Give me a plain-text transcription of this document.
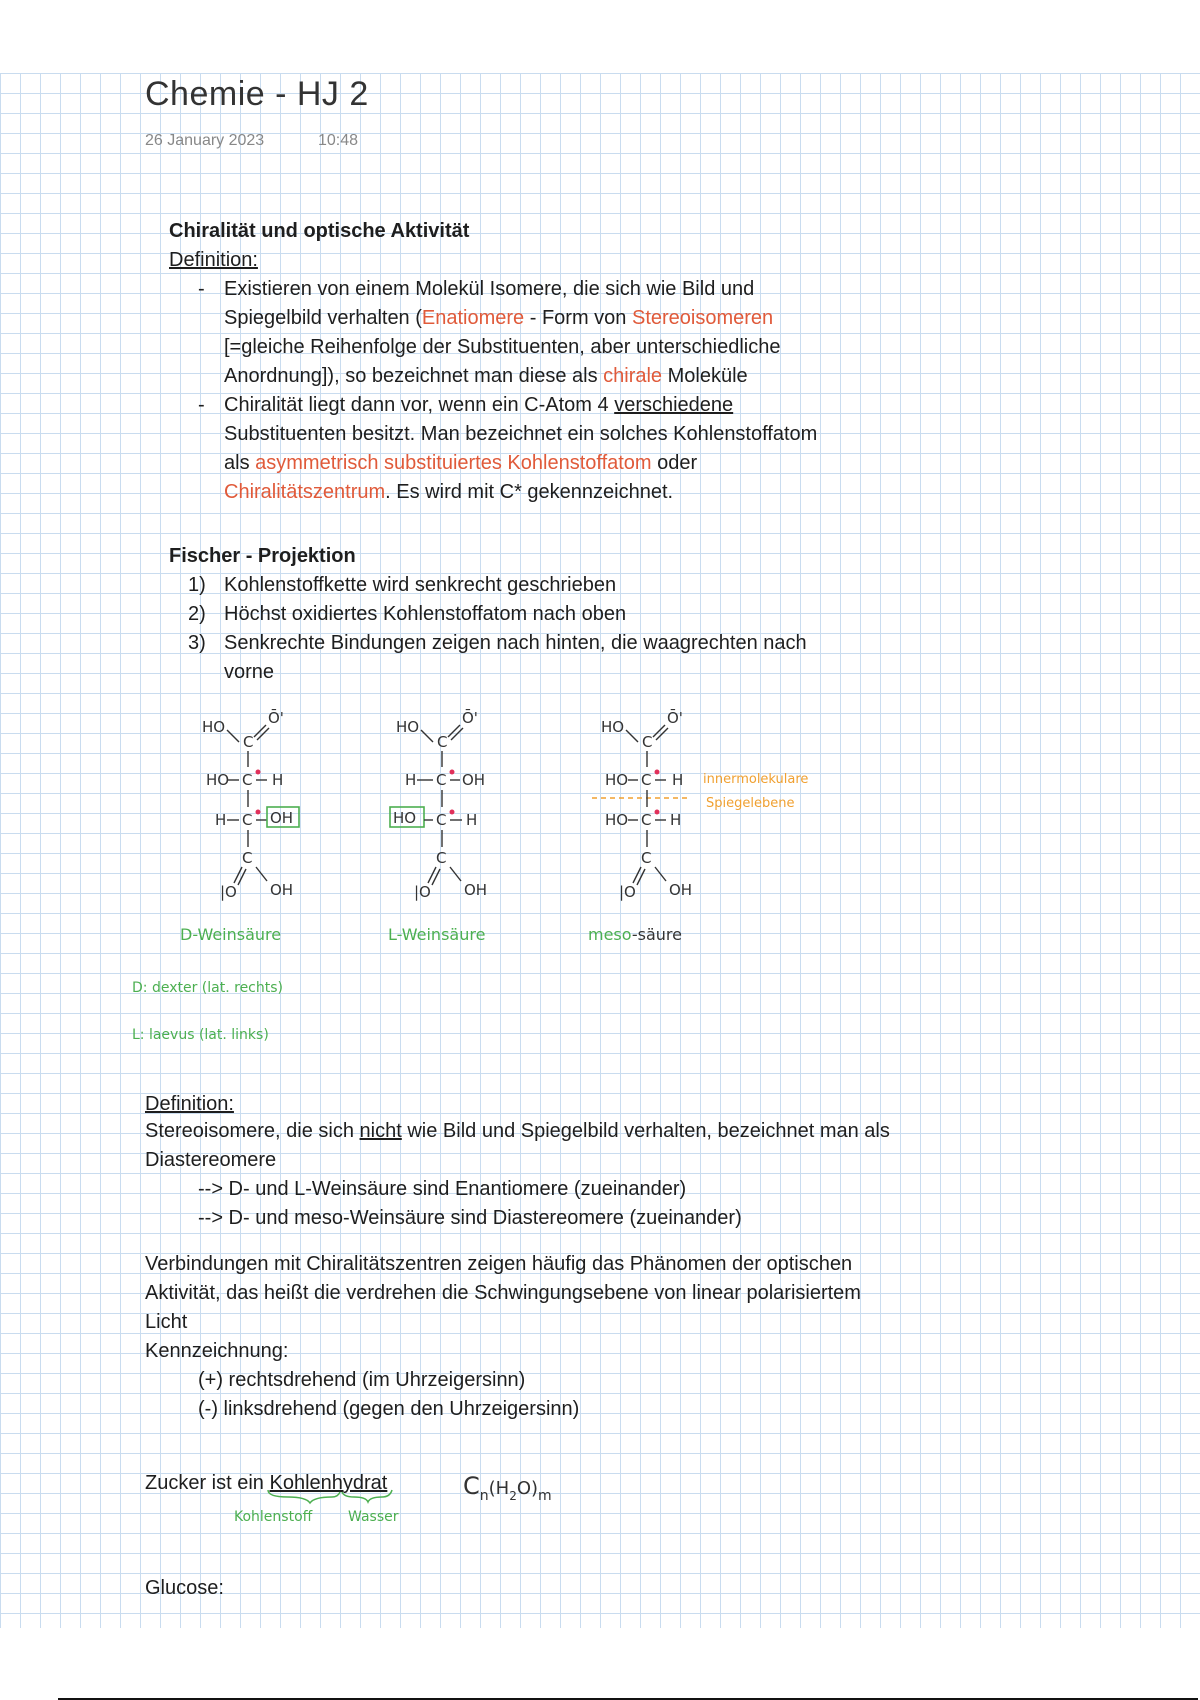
Chemie - HJ 2
26 January 2023	10:48
Chiralität und optische Aktivität
Definition:
- Existieren von einem Molekül Isomere, die sich wie Bild und
Spiegelbild verhalten (Enatiomere - Form von Stereoisomeren
[=gleiche Reihenfolge der Substituenten, aber unterschiedliche
Anordnung]), so bezeichnet man diese als chirale Moleküle
- Chiralität liegt dann vor, wenn ein C-Atom 4 verschiedene
Substituenten besitzt. Man bezeichnet ein solches Kohlenstoffatom
als asymmetrisch substituiertes Kohlenstoffatom oder
Chiralitätszentrum. Es wird mit C* gekennzeichnet.
Fischer - Projektion
1) Kohlenstoffkette wird senkrecht geschrieben
2) Höchst oxidiertes Kohlenstoffatom nach oben
3) Senkrechte Bindungen zeigen nach hinten, die waagrechten nach
vorne
HO
C
Ō'
HO C H
H C OH
C
|O OH
D-Weinsäure
HO
C
Ō'
H C OH
HO C H
C
|O OH
L-Weinsäure
HO
C
Ō'
HO C H
HO C H
C
|O OH
innermolekulare
Spiegelebene
meso-säure
D: dexter (lat. rechts)
L: laevus (lat. links)
Definition:
Stereoisomere, die sich nicht wie Bild und Spiegelbild verhalten, bezeichnet man als
Diastereomere
--> D- und L-Weinsäure sind Enantiomere (zueinander)
--> D- und meso-Weinsäure sind Diastereomere (zueinander)
Verbindungen mit Chiralitätszentren zeigen häufig das Phänomen der optischen
Aktivität, das heißt die verdrehen die Schwingungsebene von linear polarisiertem
Licht
Kennzeichnung:
(+) rechtsdrehend (im Uhrzeigersinn)
(-) linksdrehend (gegen den Uhrzeigersinn)
Zucker ist ein Kohlenhydrat
Kohlenstoff	Wasser
$C_n(H_2O)_m$
Glucose:
